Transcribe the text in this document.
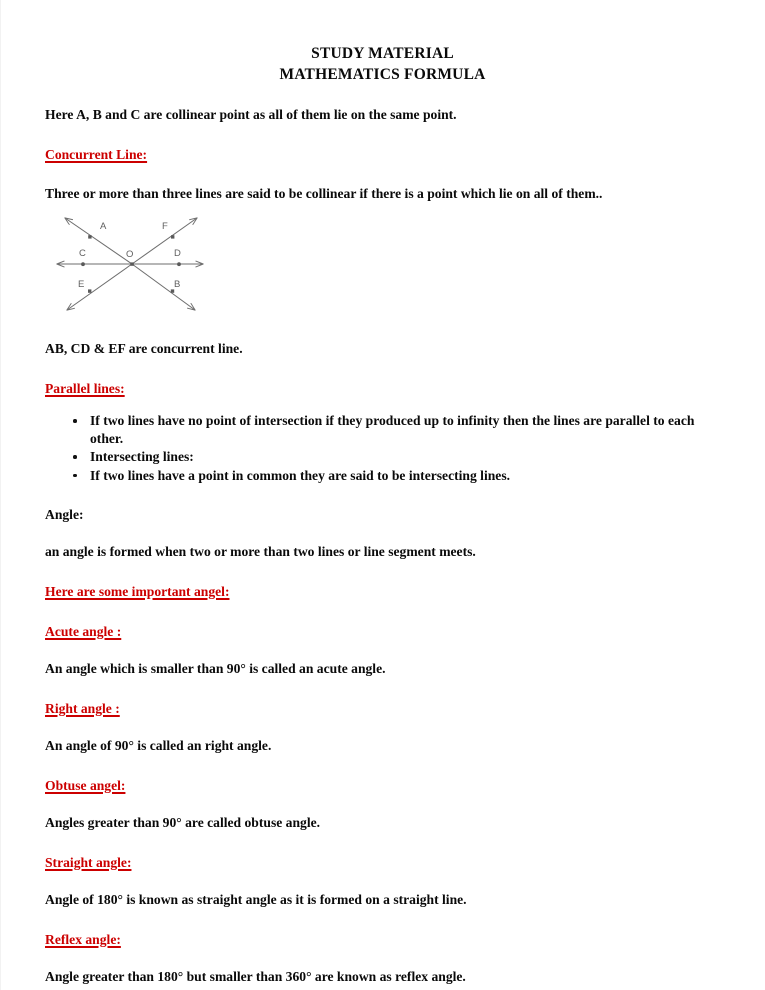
STUDY MATERIAL
MATHEMATICS FORMULA
Here A, B and C are collinear point as all of them lie on the same point.
Concurrent Line:
Three or more than three lines are said to be collinear if there is a point which lie on all of them..
A	F
C	D
O
E	B
AB, CD & EF are concurrent line.
Parallel lines:
If two lines have no point of intersection if they produced up to infinity then the lines are parallel to each other.
Intersecting lines:
If two lines have a point in common they are said to be intersecting lines.
Angle:
an angle is formed when two or more than two lines or line segment meets.
Here are some important angel:
Acute angle :
An angle which is smaller than 90° is called an acute angle.
Right angle :
An angle of 90° is called an right angle.
Obtuse angel:
Angles greater than 90° are called obtuse angle.
Straight angle:
Angle of 180° is known as straight angle as it is formed on a straight line.
Reflex angle:
Angle greater than 180° but smaller than 360° are known as reflex angle.
